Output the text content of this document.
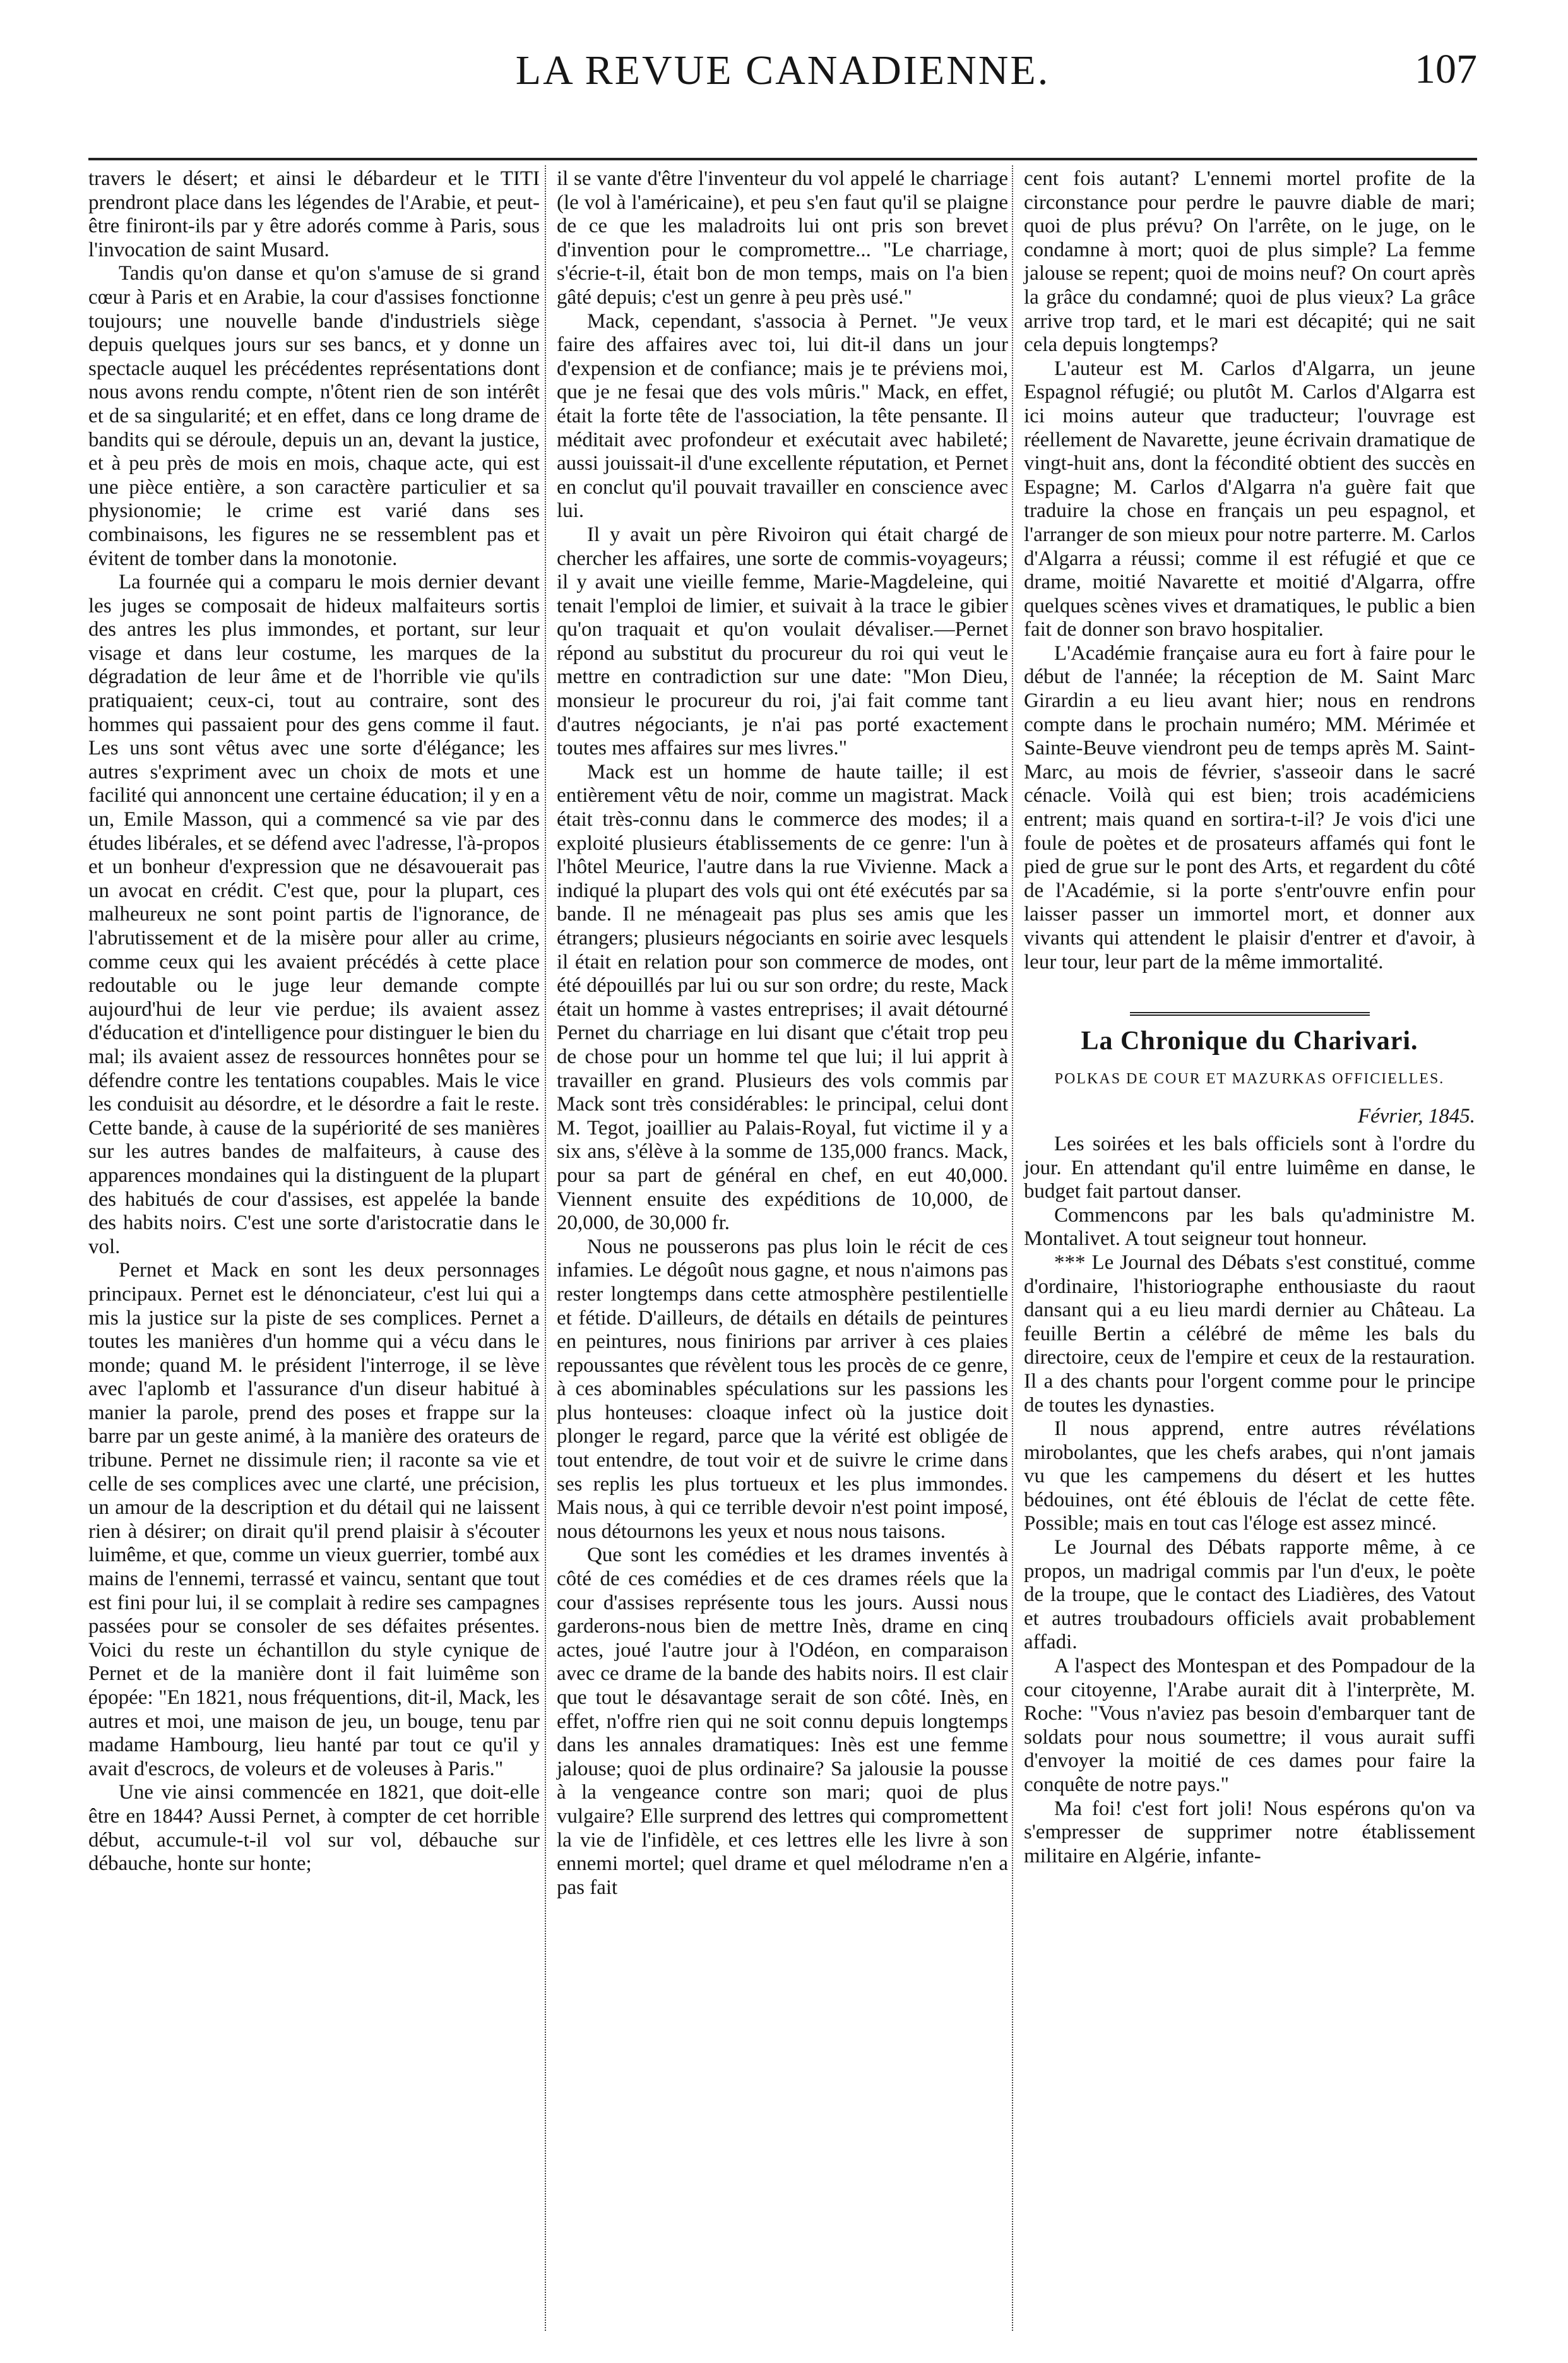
LA REVUE CANADIENNE.	107

travers le désert; et ainsi le débardeur et le TITI prendront place dans les légendes de l'Arabie, et peut-être finiront-ils par y être adorés comme à Paris, sous l'invocation de saint Musard.

Tandis qu'on danse et qu'on s'amuse de si grand cœur à Paris et en Arabie, la cour d'assises fonctionne toujours; une nouvelle bande d'industriels siège depuis quelques jours sur ses bancs, et y donne un spectacle auquel les précédentes représentations dont nous avons rendu compte, n'ôtent rien de son intérêt et de sa singularité; et en effet, dans ce long drame de bandits qui se déroule, depuis un an, devant la justice, et à peu près de mois en mois, chaque acte, qui est une pièce entière, a son caractère particulier et sa physionomie; le crime est varié dans ses combinaisons, les figures ne se ressemblent pas et évitent de tomber dans la monotonie.

La fournée qui a comparu le mois dernier devant les juges se composait de hideux malfaiteurs sortis des antres les plus immondes, et portant, sur leur visage et dans leur costume, les marques de la dégradation de leur âme et de l'horrible vie qu'ils pratiquaient; ceux-ci, tout au contraire, sont des hommes qui passaient pour des gens comme il faut. Les uns sont vêtus avec une sorte d'élégance; les autres s'expriment avec un choix de mots et une facilité qui annoncent une certaine éducation; il y en a un, Emile Masson, qui a commencé sa vie par des études libérales, et se défend avec l'adresse, l'à-propos et un bonheur d'expression que ne désavouerait pas un avocat en crédit. C'est que, pour la plupart, ces malheureux ne sont point partis de l'ignorance, de l'abrutissement et de la misère pour aller au crime, comme ceux qui les avaient précédés à cette place redoutable ou le juge leur demande compte aujourd'hui de leur vie perdue; ils avaient assez d'éducation et d'intelligence pour distinguer le bien du mal; ils avaient assez de ressources honnêtes pour se défendre contre les tentations coupables. Mais le vice les conduisit au désordre, et le désordre a fait le reste. Cette bande, à cause de la supériorité de ses manières sur les autres bandes de malfaiteurs, à cause des apparences mondaines qui la distinguent de la plupart des habitués de cour d'assises, est appelée la bande des habits noirs. C'est une sorte d'aristocratie dans le vol.

Pernet et Mack en sont les deux personnages principaux. Pernet est le dénonciateur, c'est lui qui a mis la justice sur la piste de ses complices. Pernet a toutes les manières d'un homme qui a vécu dans le monde; quand M. le président l'interroge, il se lève avec l'aplomb et l'assurance d'un diseur habitué à manier la parole, prend des poses et frappe sur la barre par un geste animé, à la manière des orateurs de tribune. Pernet ne dissimule rien; il raconte sa vie et celle de ses complices avec une clarté, une précision, un amour de la description et du détail qui ne laissent rien à désirer; on dirait qu'il prend plaisir à s'écouter luimême, et que, comme un vieux guerrier, tombé aux mains de l'ennemi, terrassé et vaincu, sentant que tout est fini pour lui, il se complait à redire ses campagnes passées pour se consoler de ses défaites présentes. Voici du reste un échantillon du style cynique de Pernet et de la manière dont il fait luimême son épopée: "En 1821, nous fréquentions, dit-il, Mack, les autres et moi, une maison de jeu, un bouge, tenu par madame Hambourg, lieu hanté par tout ce qu'il y avait d'escrocs, de voleurs et de voleuses à Paris."

Une vie ainsi commencée en 1821, que doit-elle être en 1844? Aussi Pernet, à compter de cet horrible début, accumule-t-il vol sur vol, débauche sur débauche, honte sur honte;

il se vante d'être l'inventeur du vol appelé le charriage (le vol à l'américaine), et peu s'en faut qu'il se plaigne de ce que les maladroits lui ont pris son brevet d'invention pour le compromettre... "Le charriage, s'écrie-t-il, était bon de mon temps, mais on l'a bien gâté depuis; c'est un genre à peu près usé."

Mack, cependant, s'associa à Pernet. "Je veux faire des affaires avec toi, lui dit-il dans un jour d'expension et de confiance; mais je te préviens moi, que je ne fesai que des vols mûris." Mack, en effet, était la forte tête de l'association, la tête pensante. Il méditait avec profondeur et exécutait avec habileté; aussi jouissait-il d'une excellente réputation, et Pernet en conclut qu'il pouvait travailler en conscience avec lui.

Il y avait un père Rivoiron qui était chargé de chercher les affaires, une sorte de commis-voyageurs; il y avait une vieille femme, Marie-Magdeleine, qui tenait l'emploi de limier, et suivait à la trace le gibier qu'on traquait et qu'on voulait dévaliser.—Pernet répond au substitut du procureur du roi qui veut le mettre en contradiction sur une date: "Mon Dieu, monsieur le procureur du roi, j'ai fait comme tant d'autres négociants, je n'ai pas porté exactement toutes mes affaires sur mes livres."

Mack est un homme de haute taille; il est entièrement vêtu de noir, comme un magistrat. Mack était très-connu dans le commerce des modes; il a exploité plusieurs établissements de ce genre: l'un à l'hôtel Meurice, l'autre dans la rue Vivienne. Mack a indiqué la plupart des vols qui ont été exécutés par sa bande. Il ne ménageait pas plus ses amis que les étrangers; plusieurs négociants en soirie avec lesquels il était en relation pour son commerce de modes, ont été dépouillés par lui ou sur son ordre; du reste, Mack était un homme à vastes entreprises; il avait détourné Pernet du charriage en lui disant que c'était trop peu de chose pour un homme tel que lui; il lui apprit à travailler en grand. Plusieurs des vols commis par Mack sont très considérables: le principal, celui dont M. Tegot, joaillier au Palais-Royal, fut victime il y a six ans, s'élève à la somme de 135,000 francs. Mack, pour sa part de général en chef, en eut 40,000. Viennent ensuite des expéditions de 10,000, de 20,000, de 30,000 fr.

Nous ne pousserons pas plus loin le récit de ces infamies. Le dégoût nous gagne, et nous n'aimons pas rester longtemps dans cette atmosphère pestilentielle et fétide. D'ailleurs, de détails en détails de peintures en peintures, nous finirions par arriver à ces plaies repoussantes que révèlent tous les procès de ce genre, à ces abominables spéculations sur les passions les plus honteuses: cloaque infect où la justice doit plonger le regard, parce que la vérité est obligée de tout entendre, de tout voir et de suivre le crime dans ses replis les plus tortueux et les plus immondes. Mais nous, à qui ce terrible devoir n'est point imposé, nous détournons les yeux et nous nous taisons.

Que sont les comédies et les drames inventés à côté de ces comédies et de ces drames réels que la cour d'assises représente tous les jours. Aussi nous garderons-nous bien de mettre Inès, drame en cinq actes, joué l'autre jour à l'Odéon, en comparaison avec ce drame de la bande des habits noirs. Il est clair que tout le désavantage serait de son côté. Inès, en effet, n'offre rien qui ne soit connu depuis longtemps dans les annales dramatiques: Inès est une femme jalouse; quoi de plus ordinaire? Sa jalousie la pousse à la vengeance contre son mari; quoi de plus vulgaire? Elle surprend des lettres qui compromettent la vie de l'infidèle, et ces lettres elle les livre à son ennemi mortel; quel drame et quel mélodrame n'en a pas fait

cent fois autant? L'ennemi mortel profite de la circonstance pour perdre le pauvre diable de mari; quoi de plus prévu? On l'arrête, on le juge, on le condamne à mort; quoi de plus simple? La femme jalouse se repent; quoi de moins neuf? On court après la grâce du condamné; quoi de plus vieux? La grâce arrive trop tard, et le mari est décapité; qui ne sait cela depuis longtemps?

L'auteur est M. Carlos d'Algarra, un jeune Espagnol réfugié; ou plutôt M. Carlos d'Algarra est ici moins auteur que traducteur; l'ouvrage est réellement de Navarette, jeune écrivain dramatique de vingt-huit ans, dont la fécondité obtient des succès en Espagne; M. Carlos d'Algarra n'a guère fait que traduire la chose en français un peu espagnol, et l'arranger de son mieux pour notre parterre. M. Carlos d'Algarra a réussi; comme il est réfugié et que ce drame, moitié Navarette et moitié d'Algarra, offre quelques scènes vives et dramatiques, le public a bien fait de donner son bravo hospitalier.

L'Académie française aura eu fort à faire pour le début de l'année; la réception de M. Saint Marc Girardin a eu lieu avant hier; nous en rendrons compte dans le prochain numéro; MM. Mérimée et Sainte-Beuve viendront peu de temps après M. Saint-Marc, au mois de février, s'asseoir dans le sacré cénacle. Voilà qui est bien; trois académiciens entrent; mais quand en sortira-t-il? Je vois d'ici une foule de poètes et de prosateurs affamés qui font le pied de grue sur le pont des Arts, et regardent du côté de l'Académie, si la porte s'entr'ouvre enfin pour laisser passer un immortel mort, et donner aux vivants qui attendent le plaisir d'entrer et d'avoir, à leur tour, leur part de la même immortalité.

La Chronique du Charivari.
POLKAS DE COUR ET MAZURKAS OFFICIELLES.
Février, 1845.

Les soirées et les bals officiels sont à l'ordre du jour. En attendant qu'il entre luimême en danse, le budget fait partout danser.

Commencons par les bals qu'administre M. Montalivet. A tout seigneur tout honneur.

*** Le Journal des Débats s'est constitué, comme d'ordinaire, l'historiographe enthousiaste du raout dansant qui a eu lieu mardi dernier au Château. La feuille Bertin a célébré de même les bals du directoire, ceux de l'empire et ceux de la restauration. Il a des chants pour l'orgent comme pour le principe de toutes les dynasties.

Il nous apprend, entre autres révélations mirobolantes, que les chefs arabes, qui n'ont jamais vu que les campemens du désert et les huttes bédouines, ont été éblouis de l'éclat de cette fête. Possible; mais en tout cas l'éloge est assez mincé.

Le Journal des Débats rapporte même, à ce propos, un madrigal commis par l'un d'eux, le poète de la troupe, que le contact des Liadières, des Vatout et autres troubadours officiels avait probablement affadi.

A l'aspect des Montespan et des Pompadour de la cour citoyenne, l'Arabe aurait dit à l'interprète, M. Roche: "Vous n'aviez pas besoin d'embarquer tant de soldats pour nous soumettre; il vous aurait suffi d'envoyer la moitié de ces dames pour faire la conquête de notre pays."

Ma foi! c'est fort joli! Nous espérons qu'on va s'empresser de supprimer notre établissement militaire en Algérie, infante-
